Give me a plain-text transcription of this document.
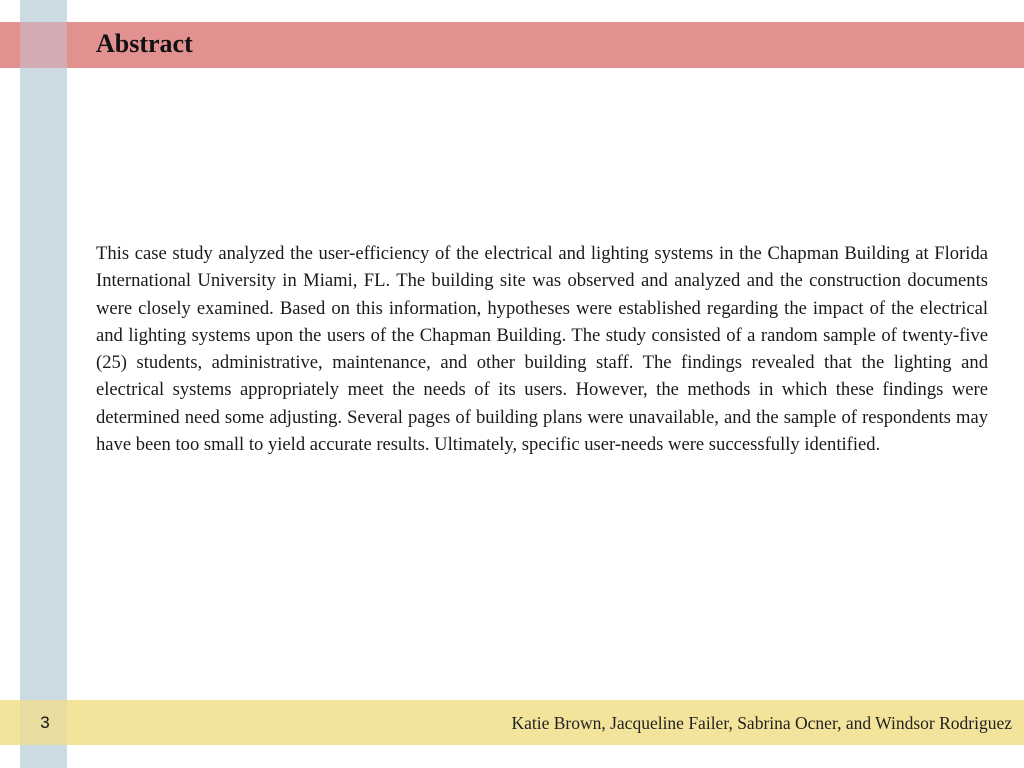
Abstract

This case study analyzed the user-efficiency of the electrical and lighting systems in the Chapman Building at Florida International University in Miami, FL. The building site was observed and analyzed and the construction documents were closely examined. Based on this information, hypotheses were established regarding the impact of the electrical and lighting systems upon the users of the Chapman Building. The study consisted of a random sample of twenty-five (25) students, administrative, maintenance, and other building staff. The findings revealed that the lighting and electrical systems appropriately meet the needs of its users. However, the methods in which these findings were determined need some adjusting. Several pages of building plans were unavailable, and the sample of respondents may have been too small to yield accurate results. Ultimately, specific user-needs were successfully identified.

3	Katie Brown, Jacqueline Failer, Sabrina Ocner, and Windsor Rodriguez
